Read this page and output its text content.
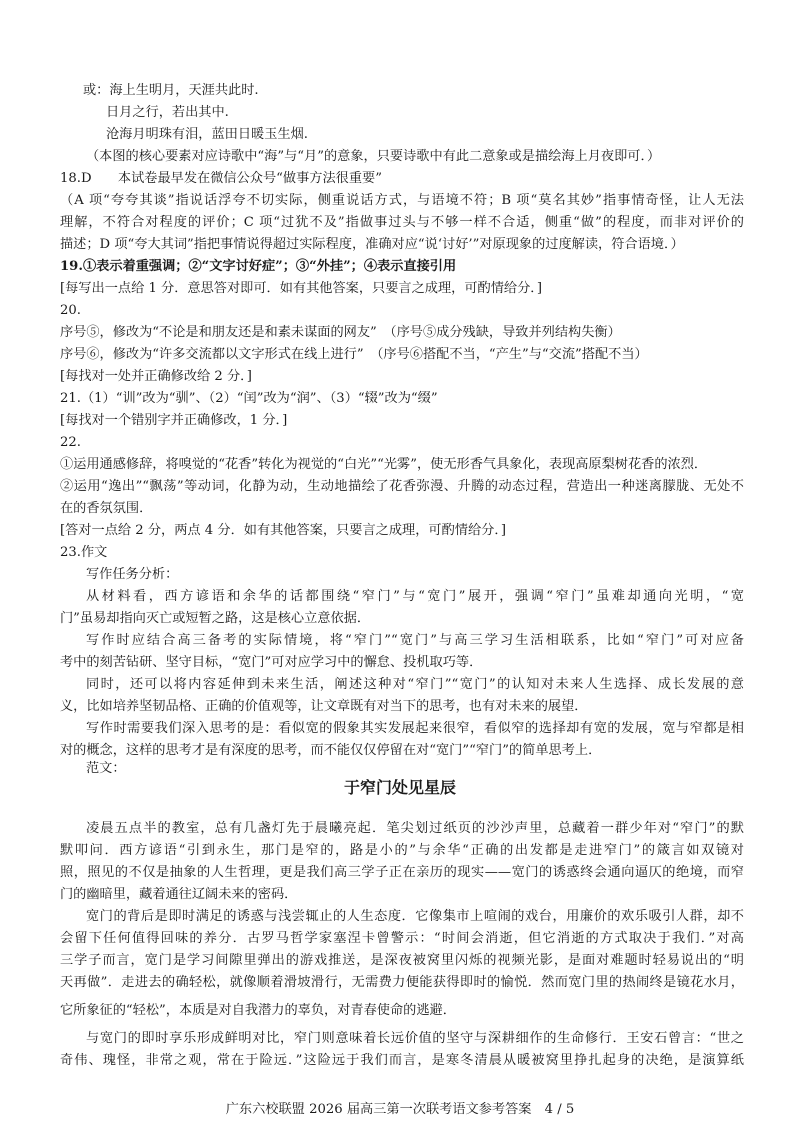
或：海上生明月，天涯共此时.
日月之行，若出其中.
沧海月明珠有泪，蓝田日暖玉生烟.
（本图的核心要素对应诗歌中“海”与“月”的意象，只要诗歌中有此二意象或是描绘海上月夜即可．）
18.D　　本试卷最早发在微信公众号“做事方法很重要”
（A 项“夸夸其谈”指说话浮夸不切实际，侧重说话方式，与语境不符；B 项“莫名其妙”指事情奇怪，让人无法
理解，不符合对程度的评价；C 项“过犹不及”指做事过头与不够一样不合适，侧重“做”的程度，而非对评价的
描述；D 项“夸大其词”指把事情说得超过实际程度，准确对应“说‘讨好’”对原现象的过度解读，符合语境．）
19.①表示着重强调；②“文字讨好症”；③“外挂”；④表示直接引用
[每写出一点给 1 分．意思答对即可．如有其他答案，只要言之成理，可酌情给分．]
20.
序号⑤，修改为“不论是和朋友还是和素未谋面的网友”　（序号⑤成分残缺，导致并列结构失衡）
序号⑥，修改为“许多交流都以文字形式在线上进行”　（序号⑥搭配不当，“产生”与“交流”搭配不当）
[每找对一处并正确修改给 2 分．]
21.（1）“训”改为“驯”、（2）“闰”改为“润”、（3）“辍”改为“缀”
[每找对一个错别字并正确修改，1 分．]
22.
①运用通感修辞，将嗅觉的“花香”转化为视觉的“白光”“光雾”，使无形香气具象化，表现高原梨树花香的浓烈．
②运用“逸出”“飘荡”等动词，化静为动，生动地描绘了花香弥漫、升腾的动态过程，营造出一种迷离朦胧、无处不
在的香氛氛围．
[答对一点给 2 分，两点 4 分．如有其他答案，只要言之成理，可酌情给分．]
23.作文
写作任务分析：
从材料看，西方谚语和余华的话都围绕“窄门”与“宽门”展开，强调“窄门”虽难却通向光明，“宽
门”虽易却指向灭亡或短暂之路，这是核心立意依据．
写作时应结合高三备考的实际情境，将“窄门”“宽门”与高三学习生活相联系，比如“窄门”可对应备
考中的刻苦钻研、坚守目标，“宽门”可对应学习中的懈怠、投机取巧等．
同时，还可以将内容延伸到未来生活，阐述这种对“窄门”“宽门”的认知对未来人生选择、成长发展的意
义，比如培养坚韧品格、正确的价值观等，让文章既有对当下的思考，也有对未来的展望．
写作时需要我们深入思考的是：看似宽的假象其实发展起来很窄，看似窄的选择却有宽的发展，宽与窄都是相
对的概念，这样的思考才是有深度的思考，而不能仅仅停留在对“宽门”“窄门”的简单思考上．
范文：
于窄门处见星辰
凌晨五点半的教室，总有几盏灯先于晨曦亮起．笔尖划过纸页的沙沙声里，总藏着一群少年对“窄门”的默
默叩问．西方谚语“引到永生，那门是窄的，路是小的”与余华“正确的出发都是走进窄门”的箴言如双镜对
照，照见的不仅是抽象的人生哲理，更是我们高三学子正在亲历的现实——宽门的诱惑终会通向逼仄的绝境，而窄
门的幽暗里，藏着通往辽阔未来的密码．
宽门的背后是即时满足的诱惑与浅尝辄止的人生态度．它像集市上喧闹的戏台，用廉价的欢乐吸引人群，却不
会留下任何值得回味的养分．古罗马哲学家塞涅卡曾警示：“时间会消逝，但它消逝的方式取决于我们．”对高
三学子而言，宽门是学习间隙里弹出的游戏推送，是深夜被窝里闪烁的视频光影，是面对难题时轻易说出的“明
天再做”．走进去的确轻松，就像顺着滑坡滑行，无需费力便能获得即时的愉悦．然而宽门里的热闹终是镜花水月，
它所象征的“轻松”，本质是对自我潜力的辜负，对青春使命的逃避．
与宽门的即时享乐形成鲜明对比，窄门则意味着长远价值的坚守与深耕细作的生命修行．王安石曾言：“世之
奇伟、瑰怪，非常之观，常在于险远．”这险远于我们而言，是寒冬清晨从暖被窝里挣扎起身的决绝，是演算纸
广东六校联盟 2026 届高三第一次联考语文参考答案　4 / 5
